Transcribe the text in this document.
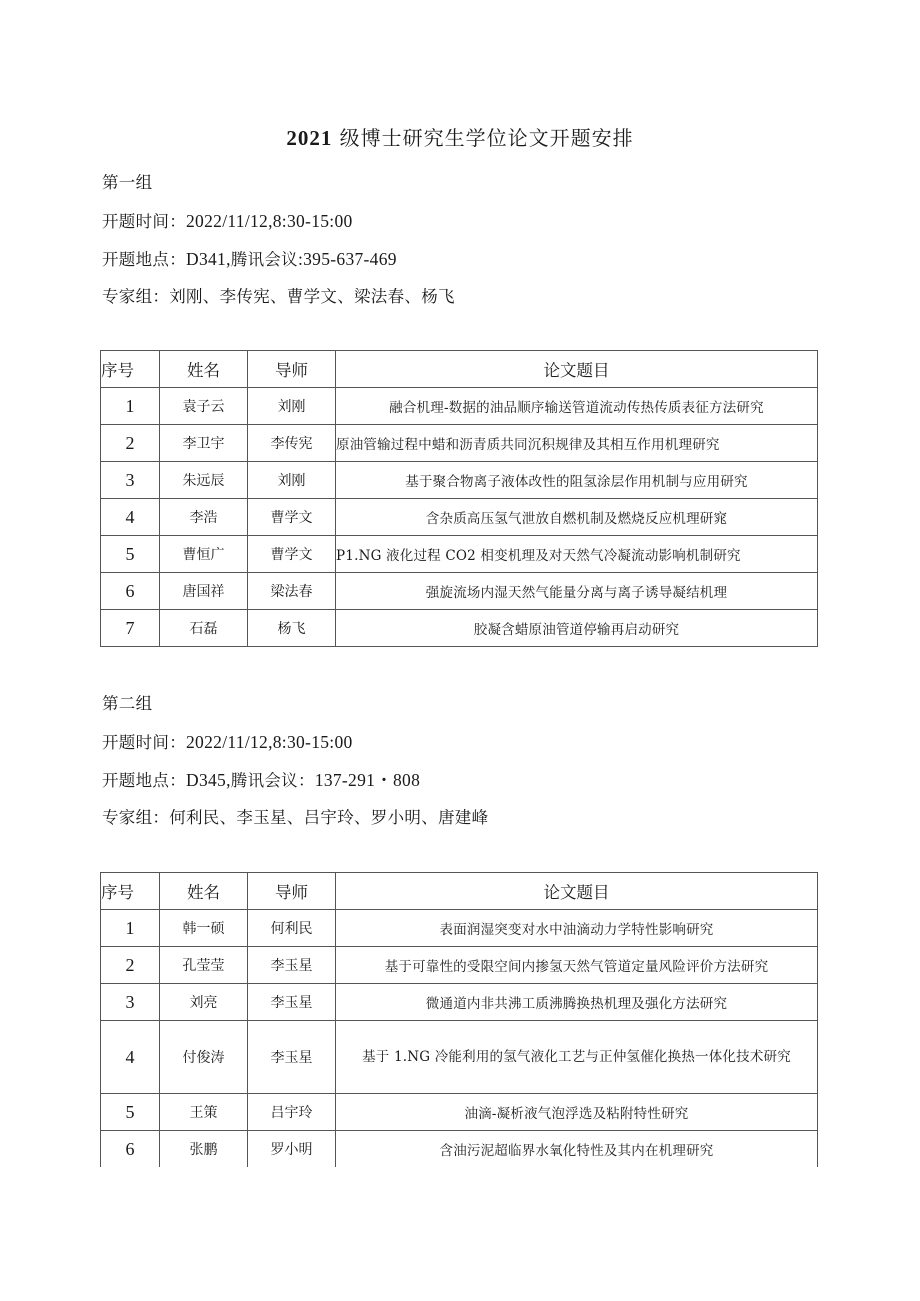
2021 级博士研究生学位论文开题安排
第一组
开题时间：2022/11/12,8:30-15:00
开题地点：D341,腾讯会议:395-637-469
专家组：刘刚、李传宪、曹学文、梁法春、杨飞
序号	姓名	导师	论文题目
1	袁子云	刘刚	融合机理-数据的油品顺序输送管道流动传热传质表征方法研究
2	李卫宇	李传宪	原油管输过程中蜡和沥青质共同沉积规律及其相互作用机理研究
3	朱远辰	刘刚	基于聚合物离子液体改性的阻氢涂层作用机制与应用研究
4	李浩	曹学文	含杂质高压氢气泄放自燃机制及燃烧反应机理研窕
5	曹恒广	曹学文	P1.NG 液化过程 CO2 相变机理及对天然气冷凝流动影响机制研究
6	唐国祥	梁法春	强旋流场内湿天然气能量分离与离子诱导凝结机理
7	石磊	杨飞	胶凝含蜡原油管道停输再启动研究
第二组
开题时间：2022/11/12,8:30-15:00
开题地点：D345,腾讯会议：137-291・808
专家组：何利民、李玉星、吕宇玲、罗小明、唐建峰
序号	姓名	导师	论文题目
1	韩一硕	何利民	表面润湿突变对水中油滴动力学特性影响研究
2	孔莹莹	李玉星	基于可靠性的受限空间内掺氢天然气管道定量风险评价方法研究
3	刘亮	李玉星	微通道内非共沸工质沸腾换热机理及强化方法研究
4	付俊涛	李玉星	基于 1.NG 冷能利用的氢气液化工艺与正仲氢催化换热一体化技术研究
5	王策	吕宇玲	油滴-凝析液气泡浮选及粘附特性研究
6	张鹏	罗小明	含油污泥超临界水氧化特性及其内在机理研究
